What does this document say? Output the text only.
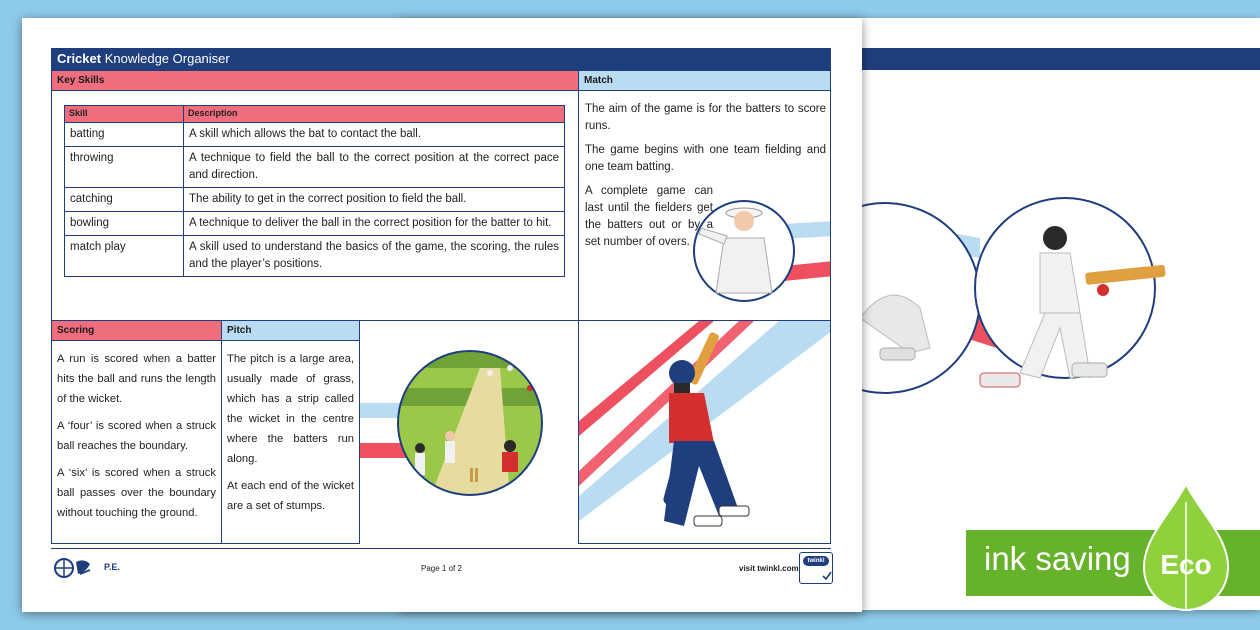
Cricket Knowledge Organiser
Key Skills
Skill	Description
batting	A skill which allows the bat to contact the ball.
throwing	A technique to field the ball to the correct position at the correct pace and direction.
catching	The ability to get in the correct position to field the ball.
bowling	A technique to deliver the ball in the correct position for the batter to hit.
match play	A skill used to understand the basics of the game, the scoring, the rules and the player’s positions.
Match

The aim of the game is for the batters to score runs.

The game begins with one team fielding and one team batting.

A complete game can last until the fielders get the batters out or by a set number of overs.

Scoring

A run is scored when a batter hits the ball and runs the length of the wicket.

A ‘four’ is scored when a struck ball reaches the boundary.

A ‘six’ is scored when a struck ball passes over the boundary without touching the ground.

Pitch

The pitch is a large area, usually made of grass, which has a strip called the wicket in the centre where the batters run along.

At each end of the wicket are a set of stumps.

P.E.	Page 1 of 2	visit twinkl.com
twinkl	ink saving Eco
